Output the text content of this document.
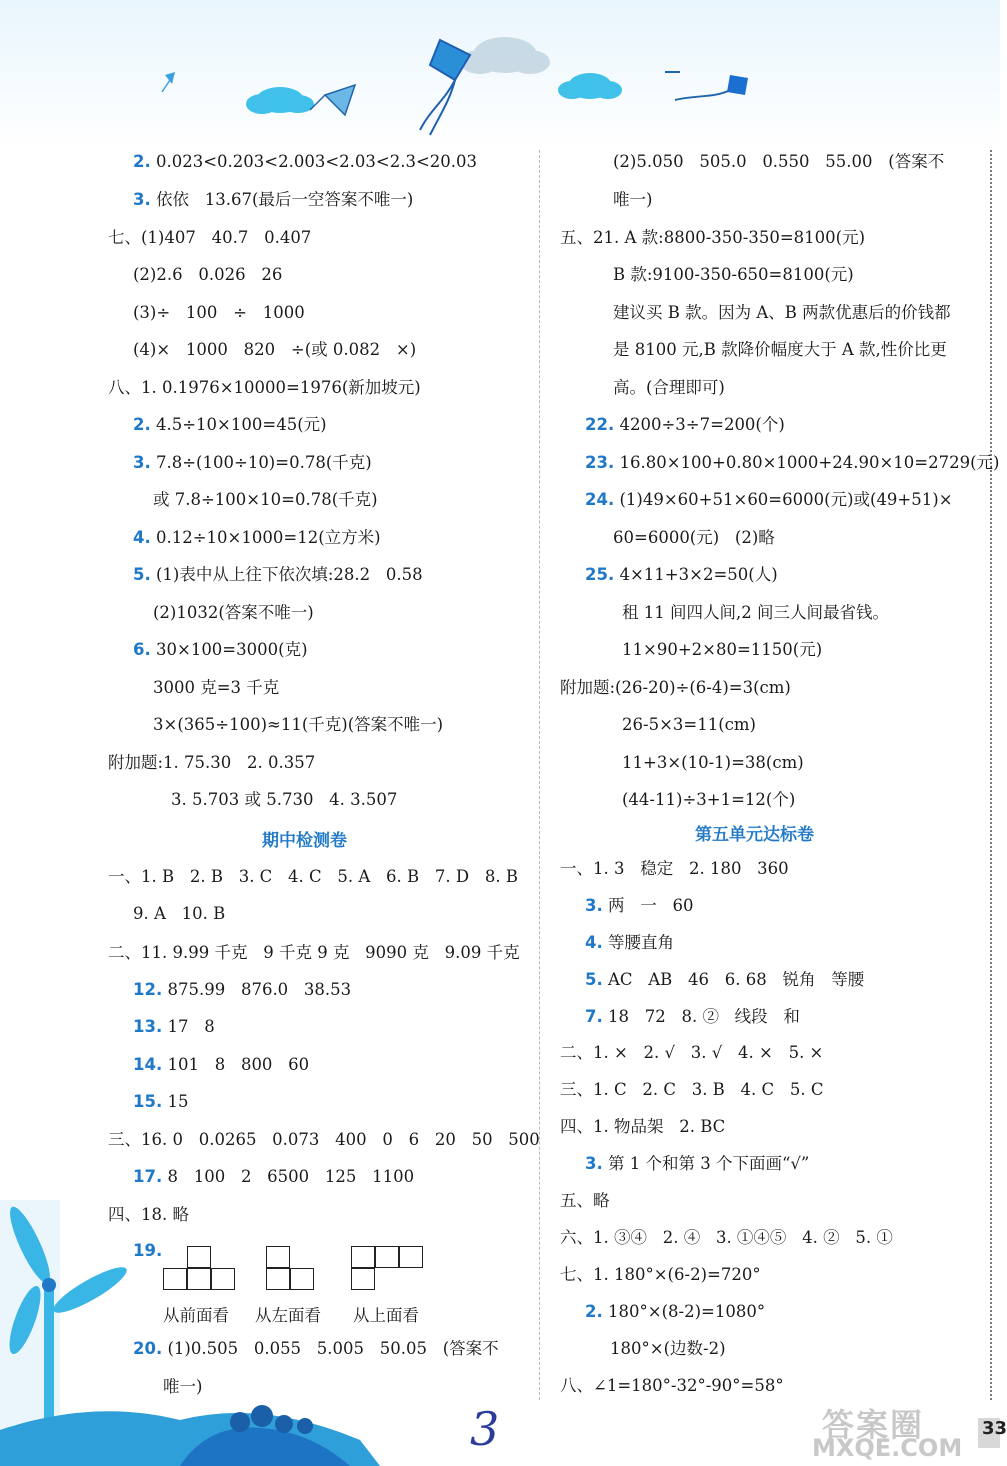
2. 0.023<0.203<2.003<2.03<2.3<20.03
3. 依依   13.67(最后一空答案不唯一)
七、(1)407   40.7   0.407
(2)2.6   0.026   26
(3)÷   100   ÷   1000
(4)×   1000   820   ÷(或 0.082   ×)
八、1. 0.1976×10000=1976(新加坡元)
2. 4.5÷10×100=45(元)
3. 7.8÷(100÷10)=0.78(千克)
或 7.8÷100×10=0.78(千克)
4. 0.12÷10×1000=12(立方米)
5. (1)表中从上往下依次填:28.2   0.58
(2)1032(答案不唯一)
6. 30×100=3000(克)
3000 克=3 千克
3×(365÷100)≈11(千克)(答案不唯一)
附加题:1. 75.30   2. 0.357
3. 5.703 或 5.730   4. 3.507
期中检测卷
一、1. B   2. B   3. C   4. C   5. A   6. B   7. D   8. B
9. A   10. B
二、11. 9.99 千克   9 千克 9 克   9090 克   9.09 千克
12. 875.99   876.0   38.53
13. 17   8
14. 101   8   800   60
15. 15
三、16. 0   0.0265   0.073   400   0   6   20   50   500
17. 8   100   2   6500   125   1100
四、18. 略
19.
从前面看 从左面看 从上面看
20. (1)0.505   0.055   5.005   50.05   (答案不
唯一)
(2)5.050   505.0   0.550   55.00   (答案不
唯一)
五、21. A 款:8800-350-350=8100(元)
B 款:9100-350-650=8100(元)
建议买 B 款。因为 A、B 两款优惠后的价钱都
是 8100 元,B 款降价幅度大于 A 款,性价比更
高。(合理即可)
22. 4200÷3÷7=200(个)
23. 16.80×100+0.80×1000+24.90×10=2729(元)
24. (1)49×60+51×60=6000(元)或(49+51)×
60=6000(元)   (2)略
25. 4×11+3×2=50(人)
租 11 间四人间,2 间三人间最省钱。
11×90+2×80=1150(元)
附加题:(26-20)÷(6-4)=3(cm)
26-5×3=11(cm)
11+3×(10-1)=38(cm)
(44-11)÷3+1=12(个)
第五单元达标卷
一、1. 3   稳定   2. 180   360
3. 两   一   60
4. 等腰直角
5. AC   AB   46   6. 68   锐角   等腰
7. 18   72   8. ②   线段   和
二、1. ×   2. √   3. √   4. ×   5. ×
三、1. C   2. C   3. B   4. C   5. C
四、1. 物品架   2. BC
3. 第 1 个和第 3 个下面画“√”
五、略
六、1. ③④   2. ④   3. ①④⑤   4. ②   5. ①
七、1. 180°×(6-2)=720°
2. 180°×(8-2)=1080°
180°×(边数-2)
八、∠1=180°-32°-90°=58°
3	答案圈
MXQE.COM
33
